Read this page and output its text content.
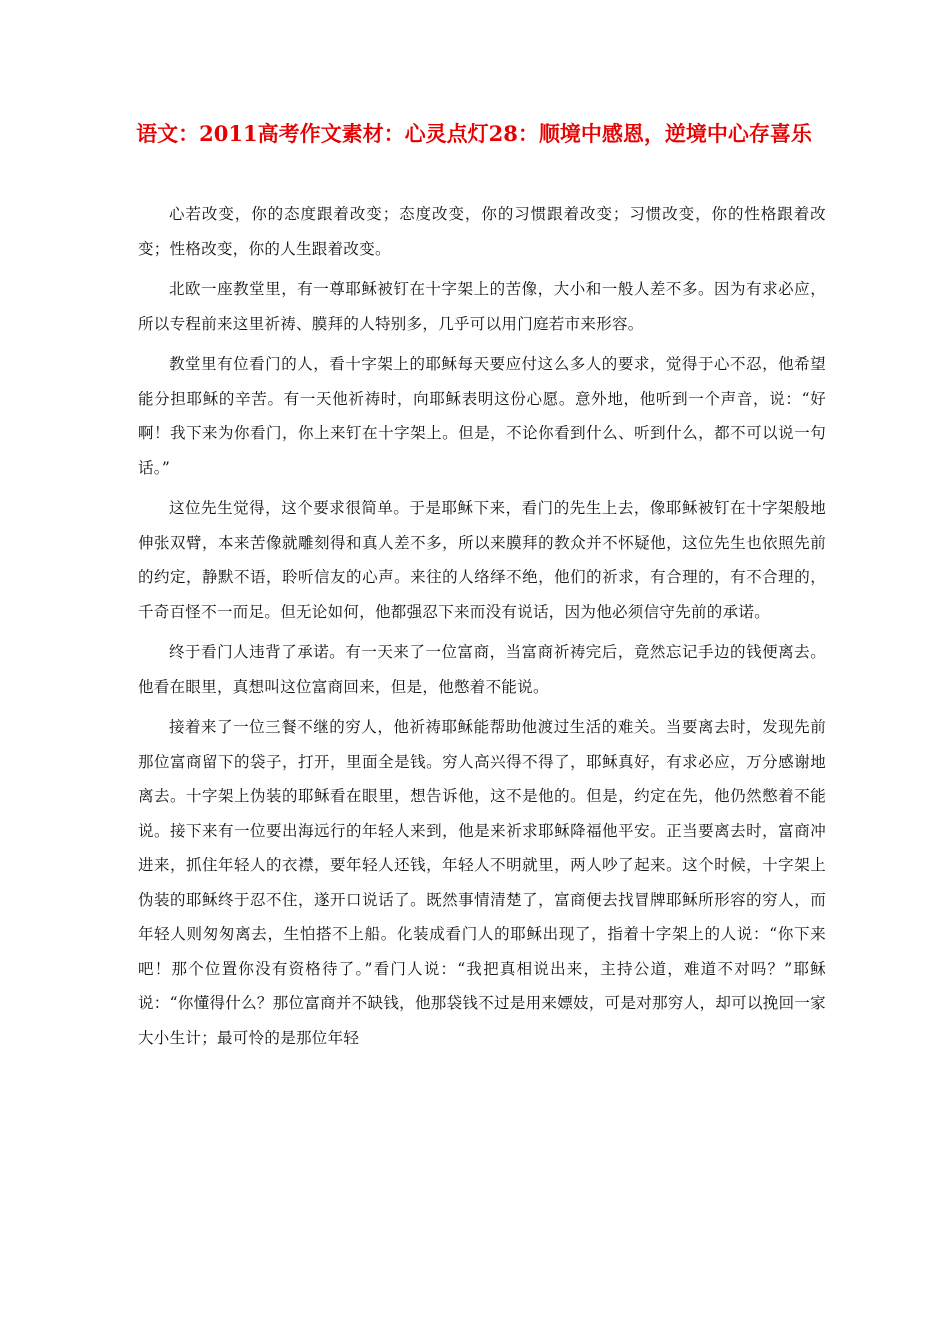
语文：2011高考作文素材：心灵点灯28：顺境中感恩，逆境中心存喜乐

心若改变，你的态度跟着改变；态度改变，你的习惯跟着改变；习惯改变，你的性格跟着改变；性格改变，你的人生跟着改变。

北欧一座教堂里，有一尊耶稣被钉在十字架上的苦像，大小和一般人差不多。因为有求必应，所以专程前来这里祈祷、膜拜的人特别多，几乎可以用门庭若市来形容。

教堂里有位看门的人，看十字架上的耶稣每天要应付这么多人的要求，觉得于心不忍，他希望能分担耶稣的辛苦。有一天他祈祷时，向耶稣表明这份心愿。意外地，他听到一个声音，说：“好啊！我下来为你看门，你上来钉在十字架上。但是，不论你看到什么、听到什么，都不可以说一句话。”

这位先生觉得，这个要求很简单。于是耶稣下来，看门的先生上去，像耶稣被钉在十字架般地伸张双臂，本来苦像就雕刻得和真人差不多，所以来膜拜的教众并不怀疑他，这位先生也依照先前的约定，静默不语，聆听信友的心声。来往的人络绎不绝，他们的祈求，有合理的，有不合理的，千奇百怪不一而足。但无论如何，他都强忍下来而没有说话，因为他必须信守先前的承诺。

终于看门人违背了承诺。有一天来了一位富商，当富商祈祷完后，竟然忘记手边的钱便离去。他看在眼里，真想叫这位富商回来，但是，他憋着不能说。

接着来了一位三餐不继的穷人，他祈祷耶稣能帮助他渡过生活的难关。当要离去时，发现先前那位富商留下的袋子，打开，里面全是钱。穷人高兴得不得了，耶稣真好，有求必应，万分感谢地离去。十字架上伪装的耶稣看在眼里，想告诉他，这不是他的。但是，约定在先，他仍然憋着不能说。接下来有一位要出海远行的年轻人来到，他是来祈求耶稣降福他平安。正当要离去时，富商冲进来，抓住年轻人的衣襟，要年轻人还钱，年轻人不明就里，两人吵了起来。这个时候，十字架上伪装的耶稣终于忍不住，遂开口说话了。既然事情清楚了，富商便去找冒牌耶稣所形容的穷人，而年轻人则匆匆离去，生怕搭不上船。化装成看门人的耶稣出现了，指着十字架上的人说：“你下来吧！那个位置你没有资格待了。”看门人说：“我把真相说出来，主持公道，难道不对吗？”耶稣说：“你懂得什么？那位富商并不缺钱，他那袋钱不过是用来嫖妓，可是对那穷人，却可以挽回一家大小生计；最可怜的是那位年轻
